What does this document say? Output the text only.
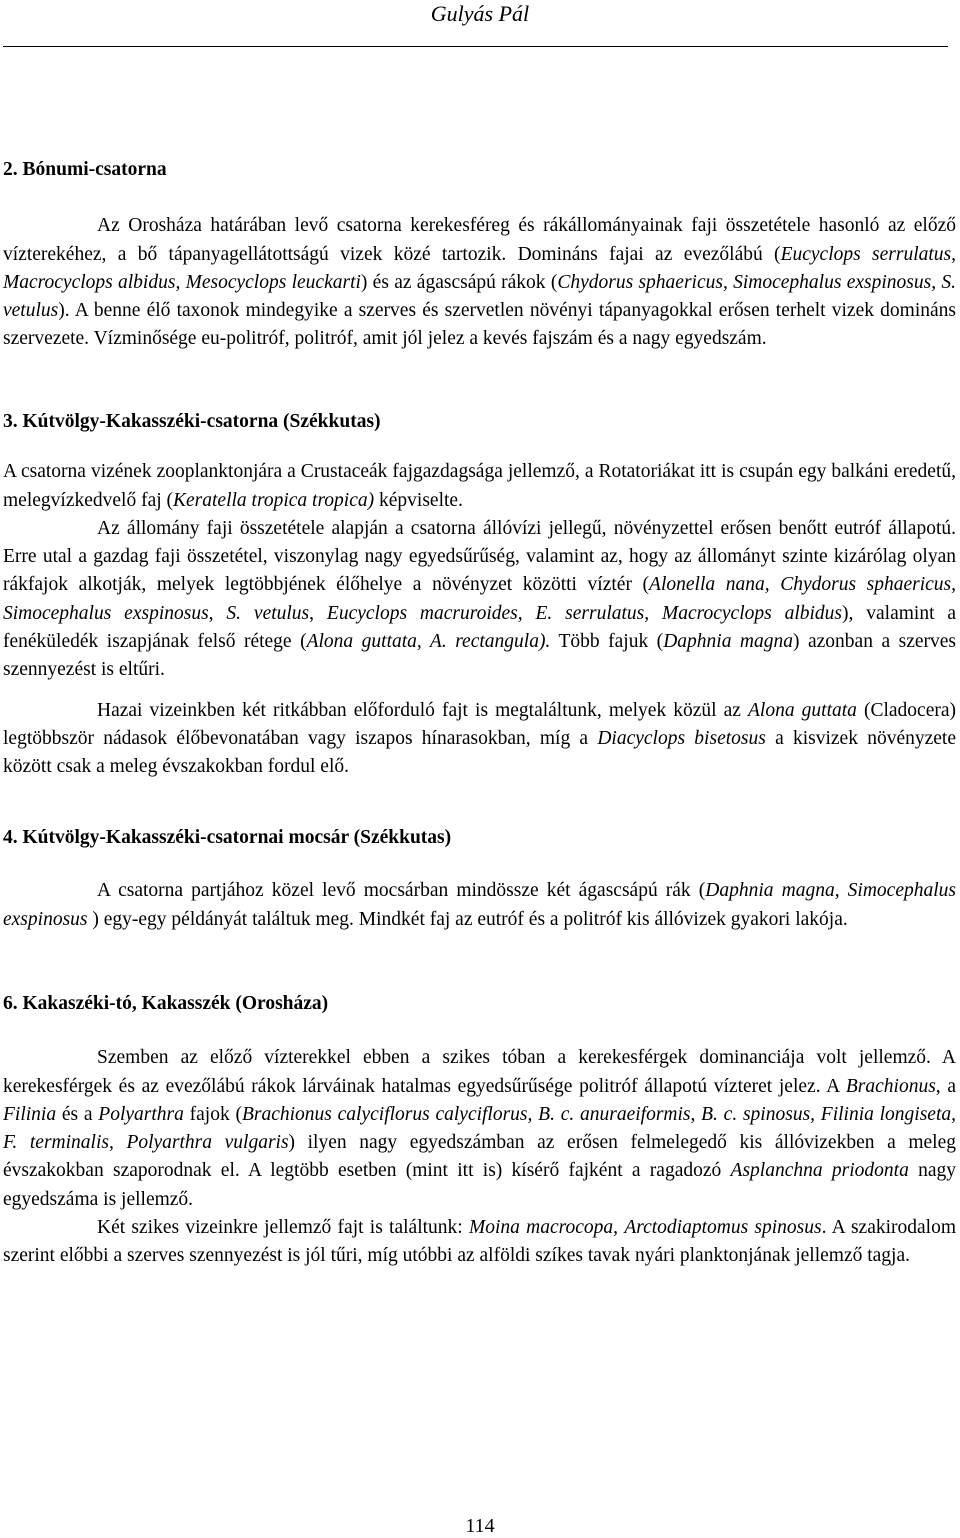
Gulyás Pál

2. Bónumi-csatorna

Az Orosháza határában levő csatorna kerekesféreg és rákállományainak faji összetétele hasonló az előző vízterekéhez, a bő tápanyagellátottságú vizek közé tartozik. Domináns fajai az evezőlábú (Eucyclops serrulatus, Macrocyclops albidus, Mesocyclops leuckarti) és az ágascsápú rákok (Chydorus sphaericus, Simocephalus exspinosus, S. vetulus). A benne élő taxonok mindegyike a szerves és szervetlen növényi tápanyagokkal erősen terhelt vizek domináns szervezete. Vízminősége eu-politróf, politróf, amit jól jelez a kevés fajszám és a nagy egyedszám.

3. Kútvölgy-Kakasszéki-csatorna (Székkutas)

A csatorna vizének zooplanktonjára a Crustaceák fajgazdagsága jellemző, a Rotatoriákat itt is csupán egy balkáni eredetű, melegvízkedvelő faj (Keratella tropica tropica) képviselte.

Az állomány faji összetétele alapján a csatorna állóvízi jellegű, növényzettel erősen benőtt eutróf állapotú. Erre utal a gazdag faji összetétel, viszonylag nagy egyedsűrűség, valamint az, hogy az állományt szinte kizárólag olyan rákfajok alkotják, melyek legtöbbjének élőhelye a növényzet közötti víztér (Alonella nana, Chydorus sphaericus, Simocephalus exspinosus, S. vetulus, Eucyclops macruroides, E. serrulatus, Macrocyclops albidus), valamint a fenéküledék iszapjának felső rétege (Alona guttata, A. rectangula). Több fajuk (Daphnia magna) azonban a szerves szennyezést is eltűri.

Hazai vizeinkben két ritkábban előforduló fajt is megtaláltunk, melyek közül az Alona guttata (Cladocera) legtöbbször nádasok élőbevonatában vagy iszapos hínarasokban, míg a Diacyclops bisetosus a kisvizek növényzete között csak a meleg évszakokban fordul elő.

4. Kútvölgy-Kakasszéki-csatornai mocsár (Székkutas)

A csatorna partjához közel levő mocsárban mindössze két ágascsápú rák (Daphnia magna, Simocephalus exspinosus ) egy-egy példányát találtuk meg. Mindkét faj az eutróf és a politróf kis állóvizek gyakori lakója.

6. Kakaszéki-tó, Kakasszék (Orosháza)

Szemben az előző vízterekkel ebben a szikes tóban a kerekesférgek dominanciája volt jellemző. A kerekesférgek és az evezőlábú rákok lárváinak hatalmas egyedsűrűsége politróf állapotú vízteret jelez. A Brachionus, a Filinia és a Polyarthra fajok (Brachionus calyciflorus calyciflorus, B. c. anuraeiformis, B. c. spinosus, Filinia longiseta, F. terminalis, Polyarthra vulgaris) ilyen nagy egyedszámban az erősen felmelegedő kis állóvizekben a meleg évszakokban szaporodnak el. A legtöbb esetben (mint itt is) kísérő fajként a ragadozó Asplanchna priodonta nagy egyedszáma is jellemző.

Két szikes vizeinkre jellemző fajt is találtunk: Moina macrocopa, Arctodiaptomus spinosus. A szakirodalom szerint előbbi a szerves szennyezést is jól tűri, míg utóbbi az alföldi szíkes tavak nyári planktonjának jellemző tagja.

114
